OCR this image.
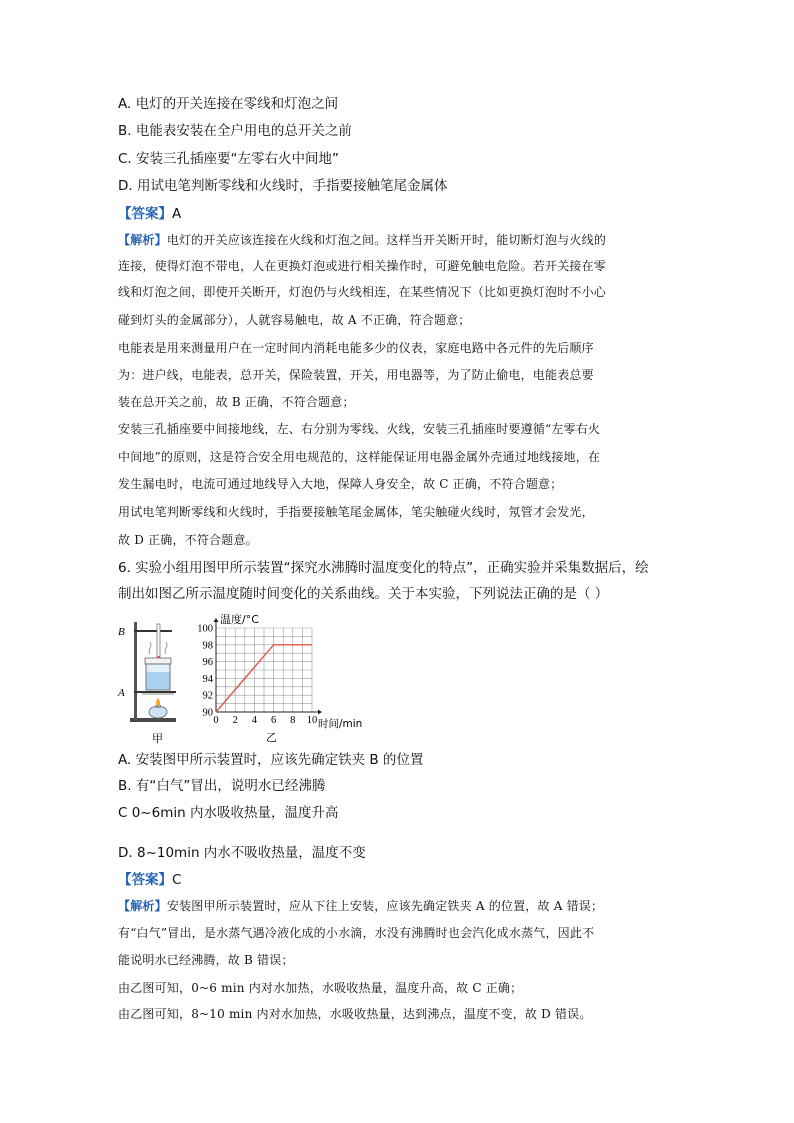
A. 电灯的开关连接在零线和灯泡之间
B. 电能表安装在全户用电的总开关之前
C. 安装三孔插座要“左零右火中间地”
D. 用试电笔判断零线和火线时，手指要接触笔尾金属体
【答案】A
【解析】电灯的开关应该连接在火线和灯泡之间。这样当开关断开时，能切断灯泡与火线的
连接，使得灯泡不带电，人在更换灯泡或进行相关操作时，可避免触电危险。若开关接在零
线和灯泡之间，即使开关断开，灯泡仍与火线相连，在某些情况下（比如更换灯泡时不小心
碰到灯头的金属部分），人就容易触电，故 A 不正确，符合题意；
电能表是用来测量用户在一定时间内消耗电能多少的仪表，家庭电路中各元件的先后顺序
为：进户线，电能表，总开关，保险装置，开关，用电器等，为了防止偷电，电能表总要
装在总开关之前，故 B 正确，不符合题意；
安装三孔插座要中间接地线，左、右分别为零线、火线，安装三孔插座时要遵循“左零右火
中间地”的原则，这是符合安全用电规范的，这样能保证用电器金属外壳通过地线接地，在
发生漏电时，电流可通过地线导入大地，保障人身安全，故 C 正确，不符合题意；
用试电笔判断零线和火线时，手指要接触笔尾金属体，笔尖触碰火线时，氖管才会发光，
故 D 正确，不符合题意。
6. 实验小组用图甲所示装置“探究水沸腾时温度变化的特点”，正确实验并采集数据后，绘
制出如图乙所示温度随时间变化的关系曲线。关于本实验，下列说法正确的是（ ）
B
A
甲
温度/°C
时间/min
乙
0 2 4 6 8 10
90
92
94
96
98
100
A. 安装图甲所示装置时，应该先确定铁夹 B 的位置
B. 有“白气”冒出，说明水已经沸腾
C 0~6min 内水吸收热量，温度升高
D. 8~10min 内水不吸收热量，温度不变
【答案】C
【解析】安装图甲所示装置时，应从下往上安装，应该先确定铁夹 A 的位置，故 A 错误；
有“白气”冒出，是水蒸气遇冷液化成的小水滴，水没有沸腾时也会汽化成水蒸气，因此不
能说明水已经沸腾，故 B 错误；
由乙图可知，0~6 min 内对水加热，水吸收热量，温度升高，故 C 正确；
由乙图可知，8~10 min 内对水加热，水吸收热量，达到沸点，温度不变，故 D 错误。
